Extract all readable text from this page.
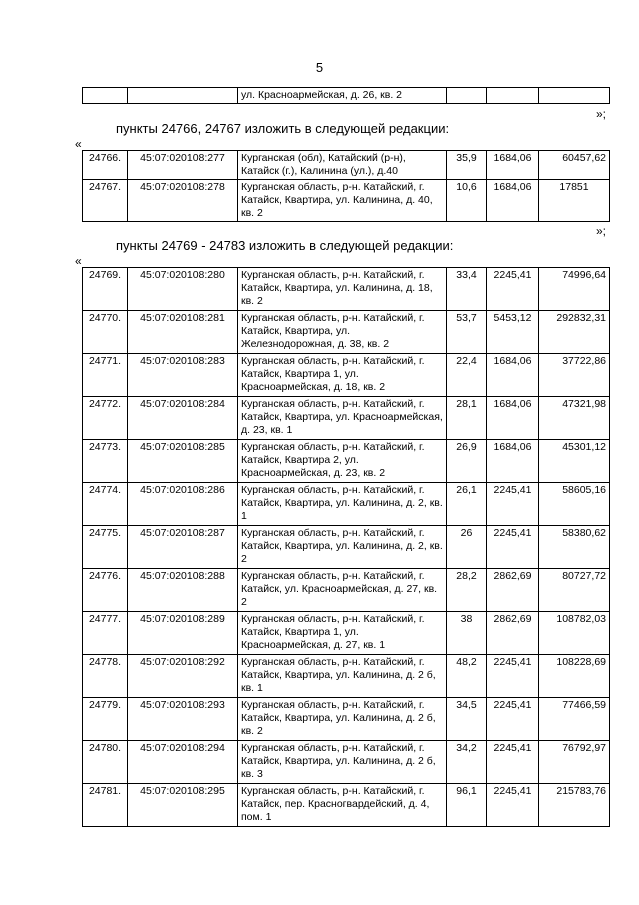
5
		ул. Красноармейская, д. 26, кв. 2			
»;
пункты 24766, 24767 изложить в следующей редакции:
«
24766.	45:07:020108:277	Курганская (обл), Катайский (р-н), Катайск (г.), Калинина (ул.), д.40	35,9	1684,06	60457,62
24767.	45:07:020108:278	Курганская область, р-н. Катайский, г. Катайск, Квартира, ул. Калинина, д. 40, кв. 2	10,6	1684,06	17851
»;
пункты 24769 - 24783 изложить в следующей редакции:
«
24769.	45:07:020108:280	Курганская область, р-н. Катайский, г. Катайск, Квартира, ул. Калинина, д. 18, кв. 2	33,4	2245,41	74996,64
24770.	45:07:020108:281	Курганская область, р-н. Катайский, г. Катайск, Квартира, ул. Железнодорожная, д. 38, кв. 2	53,7	5453,12	292832,31
24771.	45:07:020108:283	Курганская область, р-н. Катайский, г. Катайск, Квартира 1, ул. Красноармейская, д. 18, кв. 2	22,4	1684,06	37722,86
24772.	45:07:020108:284	Курганская область, р-н. Катайский, г. Катайск, Квартира, ул. Красноармейская, д. 23, кв. 1	28,1	1684,06	47321,98
24773.	45:07:020108:285	Курганская область, р-н. Катайский, г. Катайск, Квартира 2, ул. Красноармейская, д. 23, кв. 2	26,9	1684,06	45301,12
24774.	45:07:020108:286	Курганская область, р-н. Катайский, г. Катайск, Квартира, ул. Калинина, д. 2, кв. 1	26,1	2245,41	58605,16
24775.	45:07:020108:287	Курганская область, р-н. Катайский, г. Катайск, Квартира, ул. Калинина, д. 2, кв. 2	26	2245,41	58380,62
24776.	45:07:020108:288	Курганская область, р-н. Катайский, г. Катайск, ул. Красноармейская, д. 27, кв. 2	28,2	2862,69	80727,72
24777.	45:07:020108:289	Курганская область, р-н. Катайский, г. Катайск, Квартира 1, ул. Красноармейская, д. 27, кв. 1	38	2862,69	108782,03
24778.	45:07:020108:292	Курганская область, р-н. Катайский, г. Катайск, Квартира, ул. Калинина, д. 2 б, кв. 1	48,2	2245,41	108228,69
24779.	45:07:020108:293	Курганская область, р-н. Катайский, г. Катайск, Квартира, ул. Калинина, д. 2 б, кв. 2	34,5	2245,41	77466,59
24780.	45:07:020108:294	Курганская область, р-н. Катайский, г. Катайск, Квартира, ул. Калинина, д. 2 б, кв. 3	34,2	2245,41	76792,97
24781.	45:07:020108:295	Курганская область, р-н. Катайский, г. Катайск, пер. Красногвардейский, д. 4, пом. 1	96,1	2245,41	215783,76
